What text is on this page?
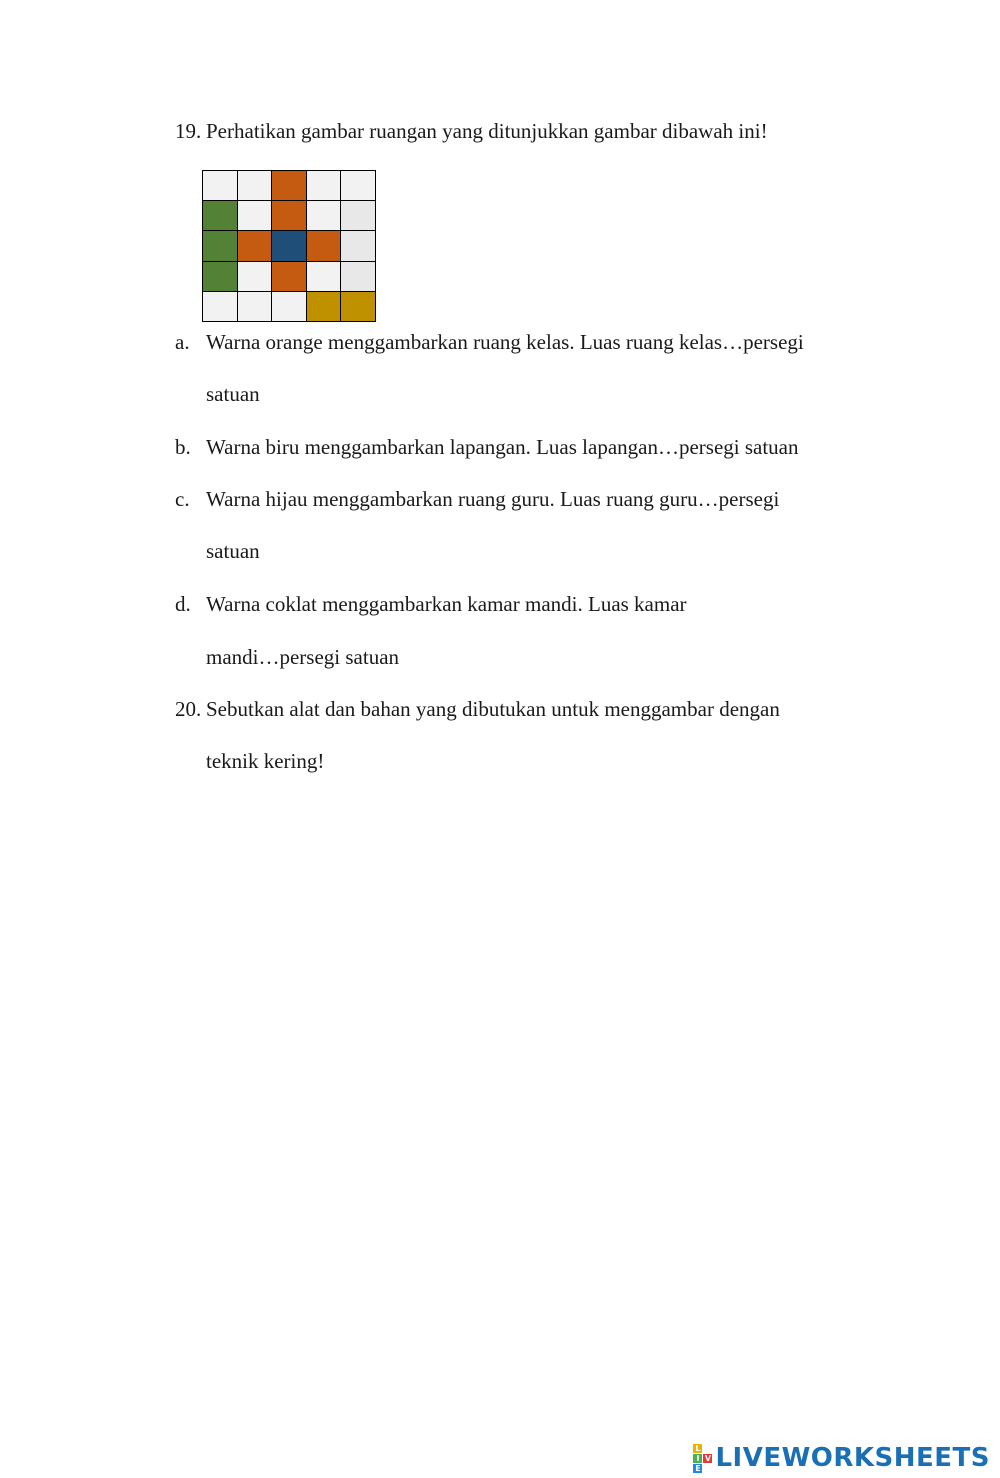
19. Perhatikan gambar ruangan yang ditunjukkan gambar dibawah ini!
a. Warna orange menggambarkan ruang kelas. Luas ruang kelas…persegi
satuan
b. Warna biru menggambarkan lapangan. Luas lapangan…persegi satuan
c. Warna hijau menggambarkan ruang guru. Luas ruang guru…persegi
satuan
d. Warna coklat menggambarkan kamar mandi. Luas kamar
mandi…persegi satuan
20. Sebutkan alat dan bahan yang dibutukan untuk menggambar dengan
teknik kering!
L
I V
E LIVEWORKSHEETS
